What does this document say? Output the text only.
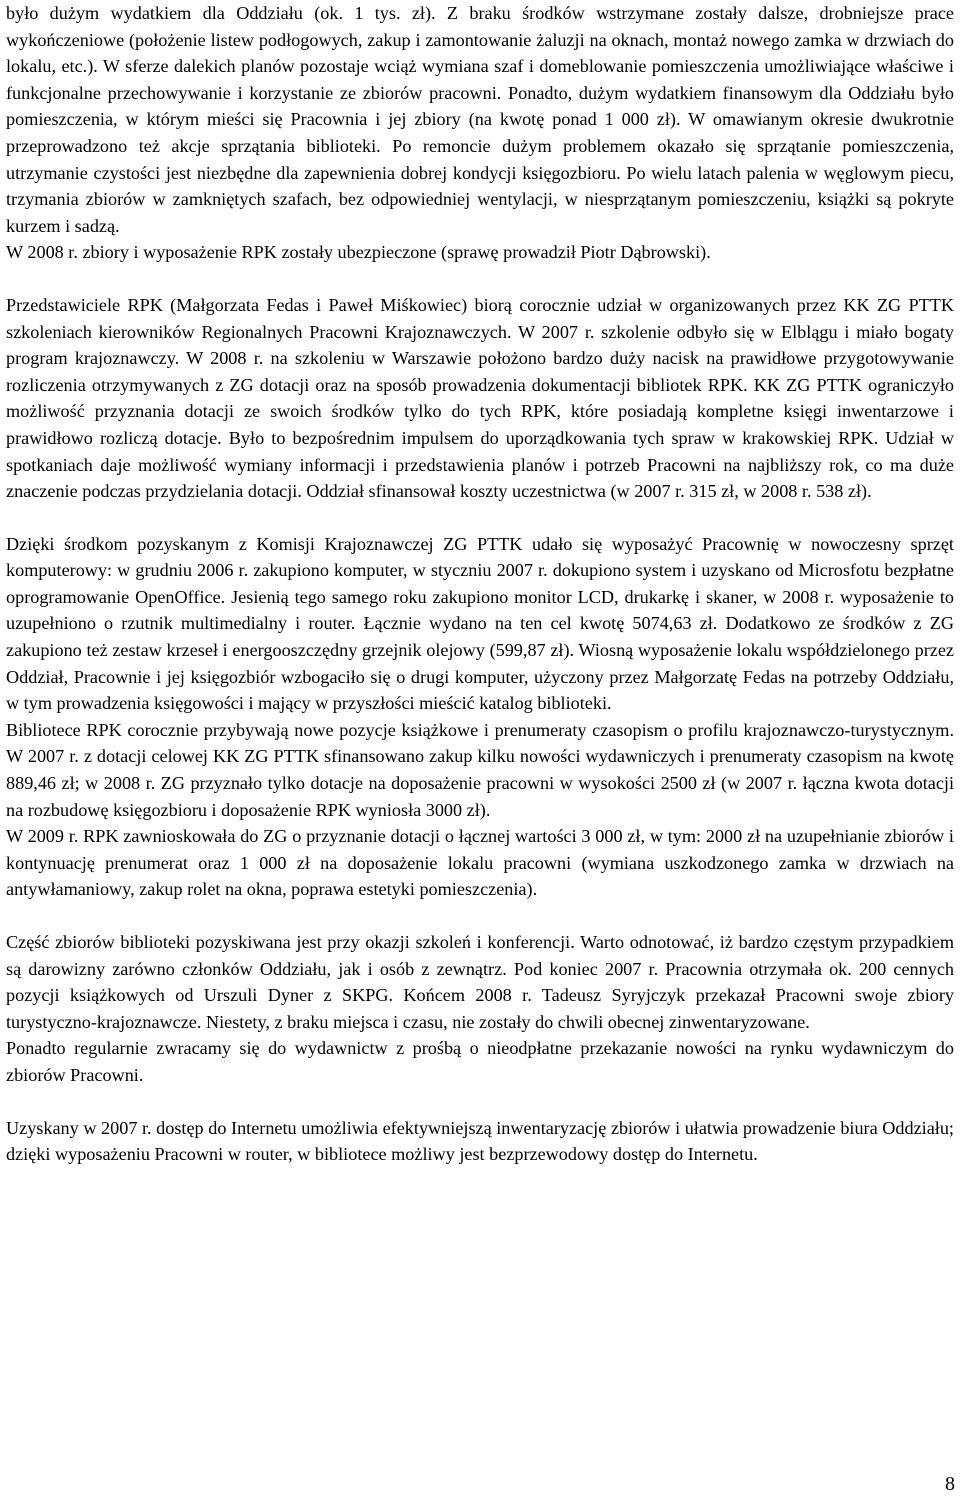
było dużym wydatkiem dla Oddziału (ok. 1 tys. zł). Z braku środków wstrzymane zostały dalsze, drobniejsze prace wykończeniowe (położenie listew podłogowych, zakup i zamontowanie żaluzji na oknach, montaż nowego zamka w drzwiach do lokalu, etc.). W sferze dalekich planów pozostaje wciąż wymiana szaf i domeblowanie pomieszczenia umożliwiające właściwe i funkcjonalne przechowywanie i korzystanie ze zbiorów pracowni. Ponadto, dużym wydatkiem finansowym dla Oddziału było pomieszczenia, w którym mieści się Pracownia i jej zbiory (na kwotę ponad 1 000 zł). W omawianym okresie dwukrotnie przeprowadzono też akcje sprzątania biblioteki. Po remoncie dużym problemem okazało się sprzątanie pomieszczenia, utrzymanie czystości jest niezbędne dla zapewnienia dobrej kondycji księgozbioru. Po wielu latach palenia w węglowym piecu, trzymania zbiorów w zamkniętych szafach, bez odpowiedniej wentylacji, w niesprzątanym pomieszczeniu, książki są pokryte kurzem i sadzą.

W 2008 r. zbiory i wyposażenie RPK zostały ubezpieczone (sprawę prowadził Piotr Dąbrowski).

Przedstawiciele RPK (Małgorzata Fedas i Paweł Miśkowiec) biorą corocznie udział w organizowanych przez KK ZG PTTK szkoleniach kierowników Regionalnych Pracowni Krajoznawczych. W 2007 r. szkolenie odbyło się w Elblągu i miało bogaty program krajoznawczy. W 2008 r. na szkoleniu w Warszawie położono bardzo duży nacisk na prawidłowe przygotowywanie rozliczenia otrzymywanych z ZG dotacji oraz na sposób prowadzenia dokumentacji bibliotek RPK. KK ZG PTTK ograniczyło możliwość przyznania dotacji ze swoich środków tylko do tych RPK, które posiadają kompletne księgi inwentarzowe i prawidłowo rozliczą dotacje. Było to bezpośrednim impulsem do uporządkowania tych spraw w krakowskiej RPK. Udział w spotkaniach daje możliwość wymiany informacji i przedstawienia planów i potrzeb Pracowni na najbliższy rok, co ma duże znaczenie podczas przydzielania dotacji. Oddział sfinansował koszty uczestnictwa (w 2007 r. 315 zł, w 2008 r. 538 zł).

Dzięki środkom pozyskanym z Komisji Krajoznawczej ZG PTTK udało się wyposażyć Pracownię w nowoczesny sprzęt komputerowy: w grudniu 2006 r. zakupiono komputer, w styczniu 2007 r. dokupiono system i uzyskano od Microsfotu bezpłatne oprogramowanie OpenOffice. Jesienią tego samego roku zakupiono monitor LCD, drukarkę i skaner, w 2008 r. wyposażenie to uzupełniono o rzutnik multimedialny i router. Łącznie wydano na ten cel kwotę 5074,63 zł. Dodatkowo ze środków z ZG zakupiono też zestaw krzeseł i energooszczędny grzejnik olejowy (599,87 zł). Wiosną wyposażenie lokalu współdzielonego przez Oddział, Pracownie i jej księgozbiór wzbogaciło się o drugi komputer, użyczony przez Małgorzatę Fedas na potrzeby Oddziału, w tym prowadzenia księgowości i mający w przyszłości mieścić katalog biblioteki.

Bibliotece RPK corocznie przybywają nowe pozycje książkowe i prenumeraty czasopism o profilu krajoznawczo-turystycznym. W 2007 r. z dotacji celowej KK ZG PTTK sfinansowano zakup kilku nowości wydawniczych i prenumeraty czasopism na kwotę 889,46 zł; w 2008 r. ZG przyznało tylko dotacje na doposażenie pracowni w wysokości 2500 zł (w 2007 r. łączna kwota dotacji na rozbudowę księgozbioru i doposażenie RPK wyniosła 3000 zł).

W 2009 r. RPK zawnioskowała do ZG o przyznanie dotacji o łącznej wartości 3 000 zł, w tym: 2000 zł na uzupełnianie zbiorów i kontynuację prenumerat oraz 1 000 zł na doposażenie lokalu pracowni (wymiana uszkodzonego zamka w drzwiach na antywłamaniowy, zakup rolet na okna, poprawa estetyki pomieszczenia).

Część zbiorów biblioteki pozyskiwana jest przy okazji szkoleń i konferencji. Warto odnotować, iż bardzo częstym przypadkiem są darowizny zarówno członków Oddziału, jak i osób z zewnątrz. Pod koniec 2007 r. Pracownia otrzymała ok. 200 cennych pozycji książkowych od Urszuli Dyner z SKPG. Końcem 2008 r. Tadeusz Syryjczyk przekazał Pracowni swoje zbiory turystyczno-krajoznawcze. Niestety, z braku miejsca i czasu, nie zostały do chwili obecnej zinwentaryzowane.

Ponadto regularnie zwracamy się do wydawnictw z prośbą o nieodpłatne przekazanie nowości na rynku wydawniczym do zbiorów Pracowni.

Uzyskany w 2007 r. dostęp do Internetu umożliwia efektywniejszą inwentaryzację zbiorów i ułatwia prowadzenie biura Oddziału; dzięki wyposażeniu Pracowni w router, w bibliotece możliwy jest bezprzewodowy dostęp do Internetu.

8
